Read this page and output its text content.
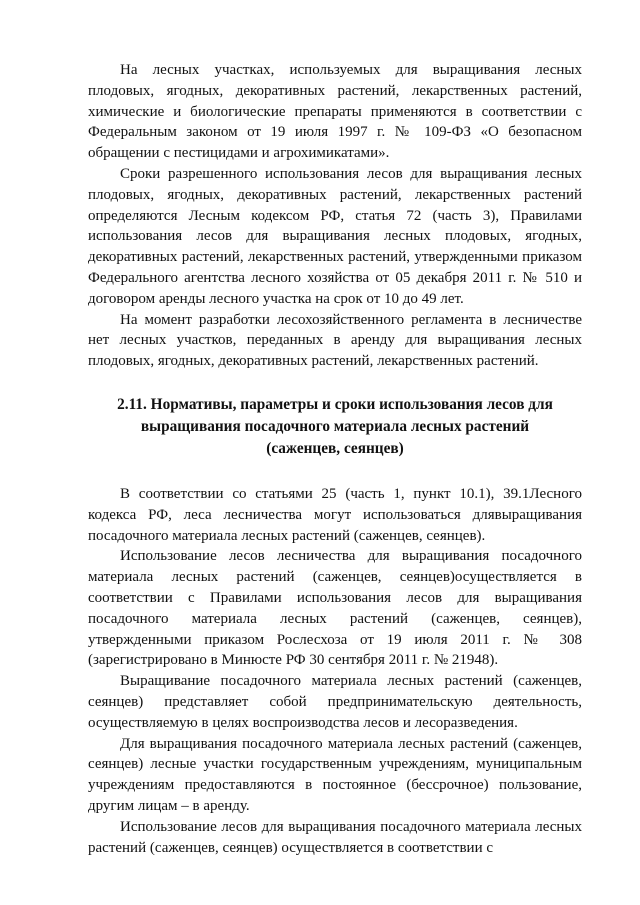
На лесных участках, используемых для выращивания лесных плодовых, ягодных, декоративных растений, лекарственных растений, химические и биологические препараты применяются в соответствии с Федеральным законом от 19 июля 1997 г. № 109-ФЗ «О безопасном обращении с пестицидами и агрохимикатами».

Сроки разрешенного использования лесов для выращивания лесных плодовых, ягодных, декоративных растений, лекарственных растений определяются Лесным кодексом РФ, статья 72 (часть 3), Правилами использования лесов для выращивания лесных плодовых, ягодных, декоративных растений, лекарственных растений, утвержденными приказом Федерального агентства лесного хозяйства от 05 декабря 2011 г. № 510 и договором аренды лесного участка на срок от 10 до 49 лет.

На момент разработки лесохозяйственного регламента в лесничестве нет лесных участков, переданных в аренду для выращивания лесных плодовых, ягодных, декоративных растений, лекарственных растений.

2.11. Нормативы, параметры и сроки использования лесов для
выращивания посадочного материала лесных растений
(саженцев, сеянцев)

В соответствии со статьями 25 (часть 1, пункт 10.1), 39.1Лесного кодекса РФ, леса лесничества могут использоваться длявыращивания посадочного материала лесных растений (саженцев, сеянцев).

Использование лесов лесничества для выращивания посадочного материала лесных растений (саженцев, сеянцев)осуществляется в соответствии с Правилами использования лесов для выращивания посадочного материала лесных растений (саженцев, сеянцев), утвержденными приказом Рослесхоза от 19 июля 2011 г. № 308 (зарегистрировано в Минюсте РФ 30 сентября 2011 г. № 21948).

Выращивание посадочного материала лесных растений (саженцев, сеянцев) представляет собой предпринимательскую деятельность, осуществляемую в целях воспроизводства лесов и лесоразведения.

Для выращивания посадочного материала лесных растений (саженцев, сеянцев) лесные участки государственным учреждениям, муниципальным учреждениям предоставляются в постоянное (бессрочное) пользование, другим лицам – в аренду.

Использование лесов для выращивания посадочного материала лесных растений (саженцев, сеянцев) осуществляется в соответствии с
